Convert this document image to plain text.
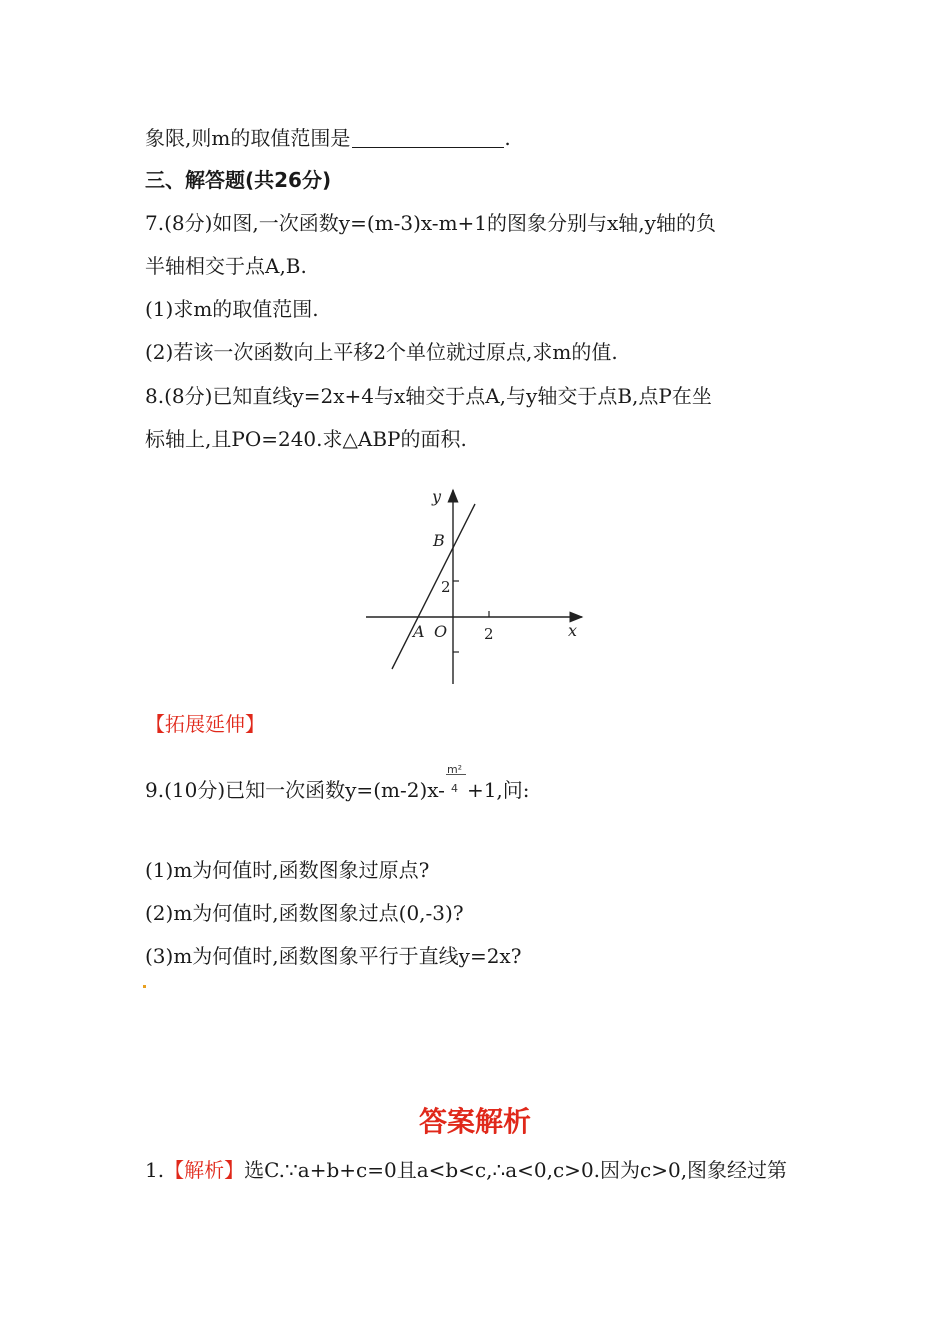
象限,则m的取值范围是	.
三、解答题(共26分)
7.(8分)如图,一次函数y=(m-3)x-m+1的图象分别与x轴,y轴的负
半轴相交于点A,B.
(1)求m的取值范围.
(2)若该一次函数向上平移2个单位就过原点,求m的值.
8.(8分)已知直线y=2x+4与x轴交于点A,与y轴交于点B,点P在坐
标轴上,且PO=240.求△ABP的面积.
y
x
B
A O
2
2
【拓展延伸】
9.(10分)已知一次函数y=(m-2)x-
m²
4 +1,问:
(1)m为何值时,函数图象过原点?
(2)m为何值时,函数图象过点(0,-3)?
(3)m为何值时,函数图象平行于直线y=2x?
答案解析
1.【解析】选C.∵a+b+c=0且a<b<c,∴a<0,c>0.因为c>0,图象经过第
